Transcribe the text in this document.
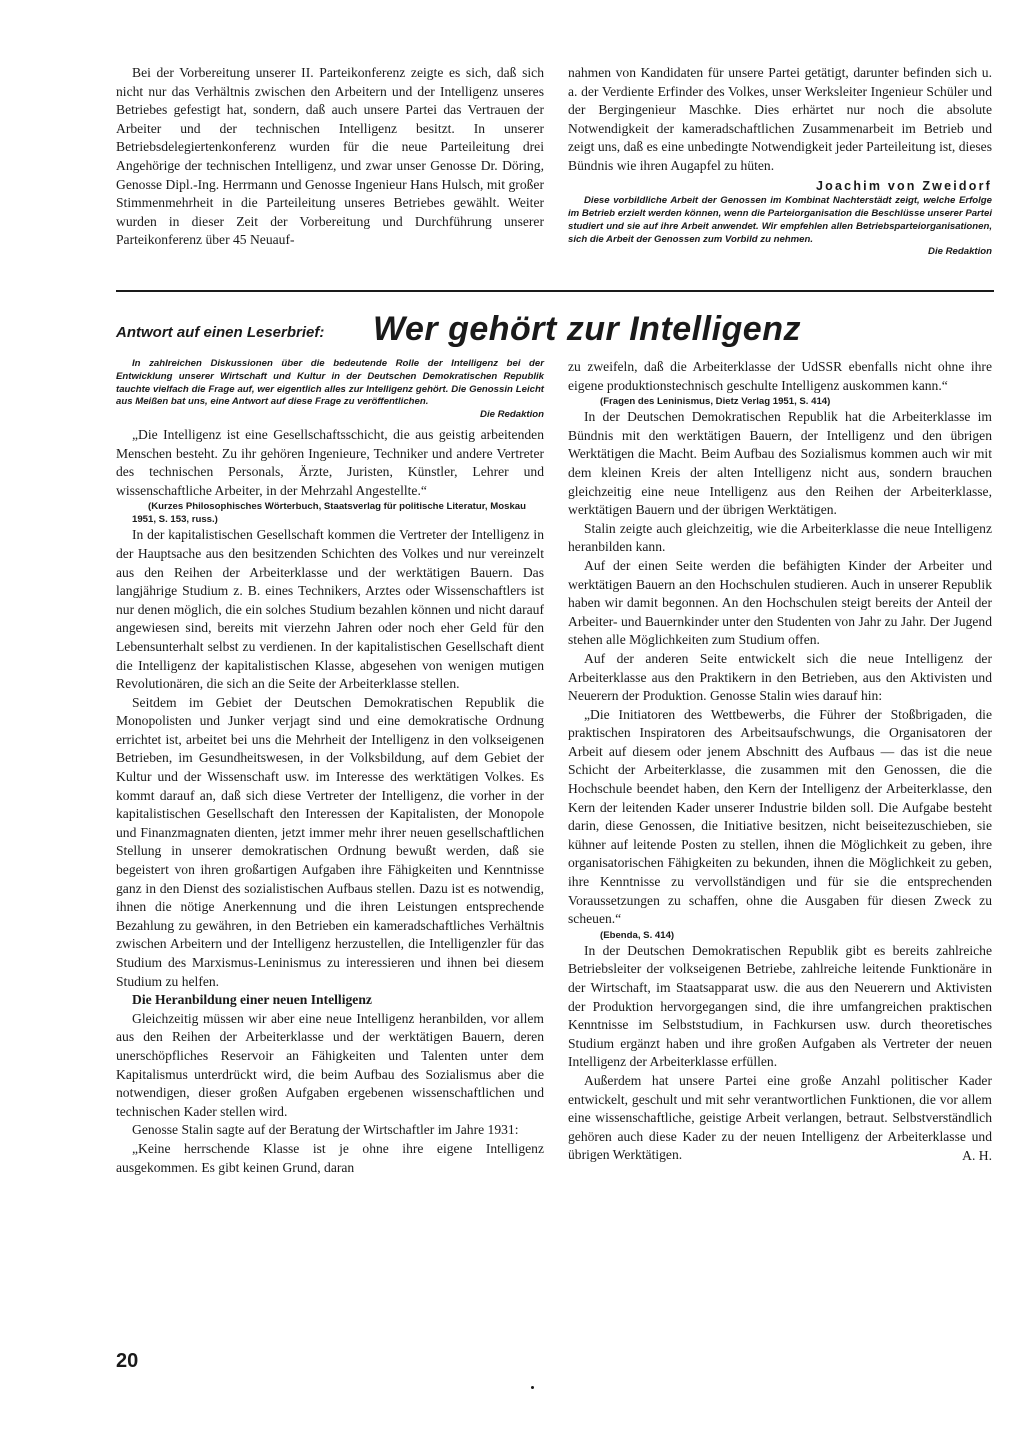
Bei der Vorbereitung unserer II. Parteikonferenz zeigte es sich, daß sich nicht nur das Verhältnis zwischen den Arbeitern und der Intelligenz unseres Betriebes gefestigt hat, sondern, daß auch unsere Partei das Vertrauen der Arbeiter und der technischen Intelligenz besitzt. In unserer Betriebsdelegiertenkonferenz wurden für die neue Parteileitung drei Angehörige der technischen Intelligenz, und zwar unser Genosse Dr. Döring, Genosse Dipl.-Ing. Herrmann und Genosse Ingenieur Hans Hulsch, mit großer Stimmenmehrheit in die Parteileitung unseres Betriebes gewählt. Weiter wurden in dieser Zeit der Vorbereitung und Durchführung unserer Parteikonferenz über 45 Neuauf-

nahmen von Kandidaten für unsere Partei getätigt, darunter befinden sich u. a. der Verdiente Erfinder des Volkes, unser Werksleiter Ingenieur Schüler und der Bergingenieur Maschke. Dies erhärtet nur noch die absolute Notwendigkeit der kameradschaftlichen Zusammenarbeit im Betrieb und zeigt uns, daß es eine unbedingte Notwendigkeit jeder Parteileitung ist, dieses Bündnis wie ihren Augapfel zu hüten.

Joachim von Zweidorf

Diese vorbildliche Arbeit der Genossen im Kombinat Nachterstädt zeigt, welche Erfolge im Betrieb erzielt werden können, wenn die Parteiorganisation die Beschlüsse unserer Partei studiert und sie auf ihre Arbeit anwendet. Wir empfehlen allen Betriebsparteiorganisationen, sich die Arbeit der Genossen zum Vorbild zu nehmen.

Die Redaktion
Antwort auf einen Leserbrief: Wer gehört zur Intelligenz

In zahlreichen Diskussionen über die bedeutende Rolle der Intelligenz bei der Entwicklung unserer Wirtschaft und Kultur in der Deutschen Demokratischen Republik tauchte vielfach die Frage auf, wer eigentlich alles zur Intelligenz gehört. Die Genossin Leicht aus Meißen bat uns, eine Antwort auf diese Frage zu veröffentlichen.

Die Redaktion

„Die Intelligenz ist eine Gesellschaftsschicht, die aus geistig arbeitenden Menschen besteht. Zu ihr gehören Ingenieure, Techniker und andere Vertreter des technischen Personals, Ärzte, Juristen, Künstler, Lehrer und wissenschaftliche Arbeiter, in der Mehrzahl Angestellte.“

(Kurzes Philosophisches Wörterbuch, Staatsverlag für politische Literatur, Moskau 1951, S. 153, russ.)

In der kapitalistischen Gesellschaft kommen die Vertreter der Intelligenz in der Hauptsache aus den besitzenden Schichten des Volkes und nur vereinzelt aus den Reihen der Arbeiterklasse und der werktätigen Bauern. Das langjährige Studium z. B. eines Technikers, Arztes oder Wissenschaftlers ist nur denen möglich, die ein solches Studium bezahlen können und nicht darauf angewiesen sind, bereits mit vierzehn Jahren oder noch eher Geld für den Lebensunterhalt selbst zu verdienen. In der kapitalistischen Gesellschaft dient die Intelligenz der kapitalistischen Klasse, abgesehen von wenigen mutigen Revolutionären, die sich an die Seite der Arbeiterklasse stellen.

Seitdem im Gebiet der Deutschen Demokratischen Republik die Monopolisten und Junker verjagt sind und eine demokratische Ordnung errichtet ist, arbeitet bei uns die Mehrheit der Intelligenz in den volkseigenen Betrieben, im Gesundheitswesen, in der Volksbildung, auf dem Gebiet der Kultur und der Wissenschaft usw. im Interesse des werktätigen Volkes. Es kommt darauf an, daß sich diese Vertreter der Intelligenz, die vorher in der kapitalistischen Gesellschaft den Interessen der Kapitalisten, der Monopole und Finanzmagnaten dienten, jetzt immer mehr ihrer neuen gesellschaftlichen Stellung in unserer demokratischen Ordnung bewußt werden, daß sie begeistert von ihren großartigen Aufgaben ihre Fähigkeiten und Kenntnisse ganz in den Dienst des sozialistischen Aufbaus stellen. Dazu ist es notwendig, ihnen die nötige Anerkennung und die ihren Leistungen entsprechende Bezahlung zu gewähren, in den Betrieben ein kameradschaftliches Verhältnis zwischen Arbeitern und der Intelligenz herzustellen, die Intelligenzler für das Studium des Marxismus-Leninismus zu interessieren und ihnen bei diesem Studium zu helfen.

Die Heranbildung einer neuen Intelligenz

Gleichzeitig müssen wir aber eine neue Intelligenz heranbilden, vor allem aus den Reihen der Arbeiterklasse und der werktätigen Bauern, deren unerschöpfliches Reservoir an Fähigkeiten und Talenten unter dem Kapitalismus unterdrückt wird, die beim Aufbau des Sozialismus aber die notwendigen, dieser großen Aufgaben ergebenen wissenschaftlichen und technischen Kader stellen wird.

Genosse Stalin sagte auf der Beratung der Wirtschaftler im Jahre 1931:

„Keine herrschende Klasse ist je ohne ihre eigene Intelligenz ausgekommen. Es gibt keinen Grund, daran

zu zweifeln, daß die Arbeiterklasse der UdSSR ebenfalls nicht ohne ihre eigene produktionstechnisch geschulte Intelligenz auskommen kann.“

(Fragen des Leninismus, Dietz Verlag 1951, S. 414)

In der Deutschen Demokratischen Republik hat die Arbeiterklasse im Bündnis mit den werktätigen Bauern, der Intelligenz und den übrigen Werktätigen die Macht. Beim Aufbau des Sozialismus kommen auch wir mit dem kleinen Kreis der alten Intelligenz nicht aus, sondern brauchen gleichzeitig eine neue Intelligenz aus den Reihen der Arbeiterklasse, werktätigen Bauern und der übrigen Werktätigen.

Stalin zeigte auch gleichzeitig, wie die Arbeiterklasse die neue Intelligenz heranbilden kann.

Auf der einen Seite werden die befähigten Kinder der Arbeiter und werktätigen Bauern an den Hochschulen studieren. Auch in unserer Republik haben wir damit begonnen. An den Hochschulen steigt bereits der Anteil der Arbeiter- und Bauernkinder unter den Studenten von Jahr zu Jahr. Der Jugend stehen alle Möglichkeiten zum Studium offen.

Auf der anderen Seite entwickelt sich die neue Intelligenz der Arbeiterklasse aus den Praktikern in den Betrieben, aus den Aktivisten und Neuerern der Produktion. Genosse Stalin wies darauf hin:

„Die Initiatoren des Wettbewerbs, die Führer der Stoßbrigaden, die praktischen Inspiratoren des Arbeitsaufschwungs, die Organisatoren der Arbeit auf diesem oder jenem Abschnitt des Aufbaus — das ist die neue Schicht der Arbeiterklasse, die zusammen mit den Genossen, die die Hochschule beendet haben, den Kern der Intelligenz der Arbeiterklasse, den Kern der leitenden Kader unserer Industrie bilden soll. Die Aufgabe besteht darin, diese Genossen, die Initiative besitzen, nicht beiseitezuschieben, sie kühner auf leitende Posten zu stellen, ihnen die Möglichkeit zu geben, ihre organisatorischen Fähigkeiten zu bekunden, ihnen die Möglichkeit zu geben, ihre Kenntnisse zu vervollständigen und für sie die entsprechenden Voraussetzungen zu schaffen, ohne die Ausgaben für diesen Zweck zu scheuen.“

(Ebenda, S. 414)

In der Deutschen Demokratischen Republik gibt es bereits zahlreiche Betriebsleiter der volkseigenen Betriebe, zahlreiche leitende Funktionäre in der Wirtschaft, im Staatsapparat usw. die aus den Neuerern und Aktivisten der Produktion hervorgegangen sind, die ihre umfangreichen praktischen Kenntnisse im Selbststudium, in Fachkursen usw. durch theoretisches Studium ergänzt haben und ihre großen Aufgaben als Vertreter der neuen Intelligenz der Arbeiterklasse erfüllen.

Außerdem hat unsere Partei eine große Anzahl politischer Kader entwickelt, geschult und mit sehr verantwortlichen Funktionen, die vor allem eine wissenschaftliche, geistige Arbeit verlangen, betraut. Selbstverständlich gehören auch diese Kader zu der neuen Intelligenz der Arbeiterklasse und übrigen Werktätigen.	A. H.
20
